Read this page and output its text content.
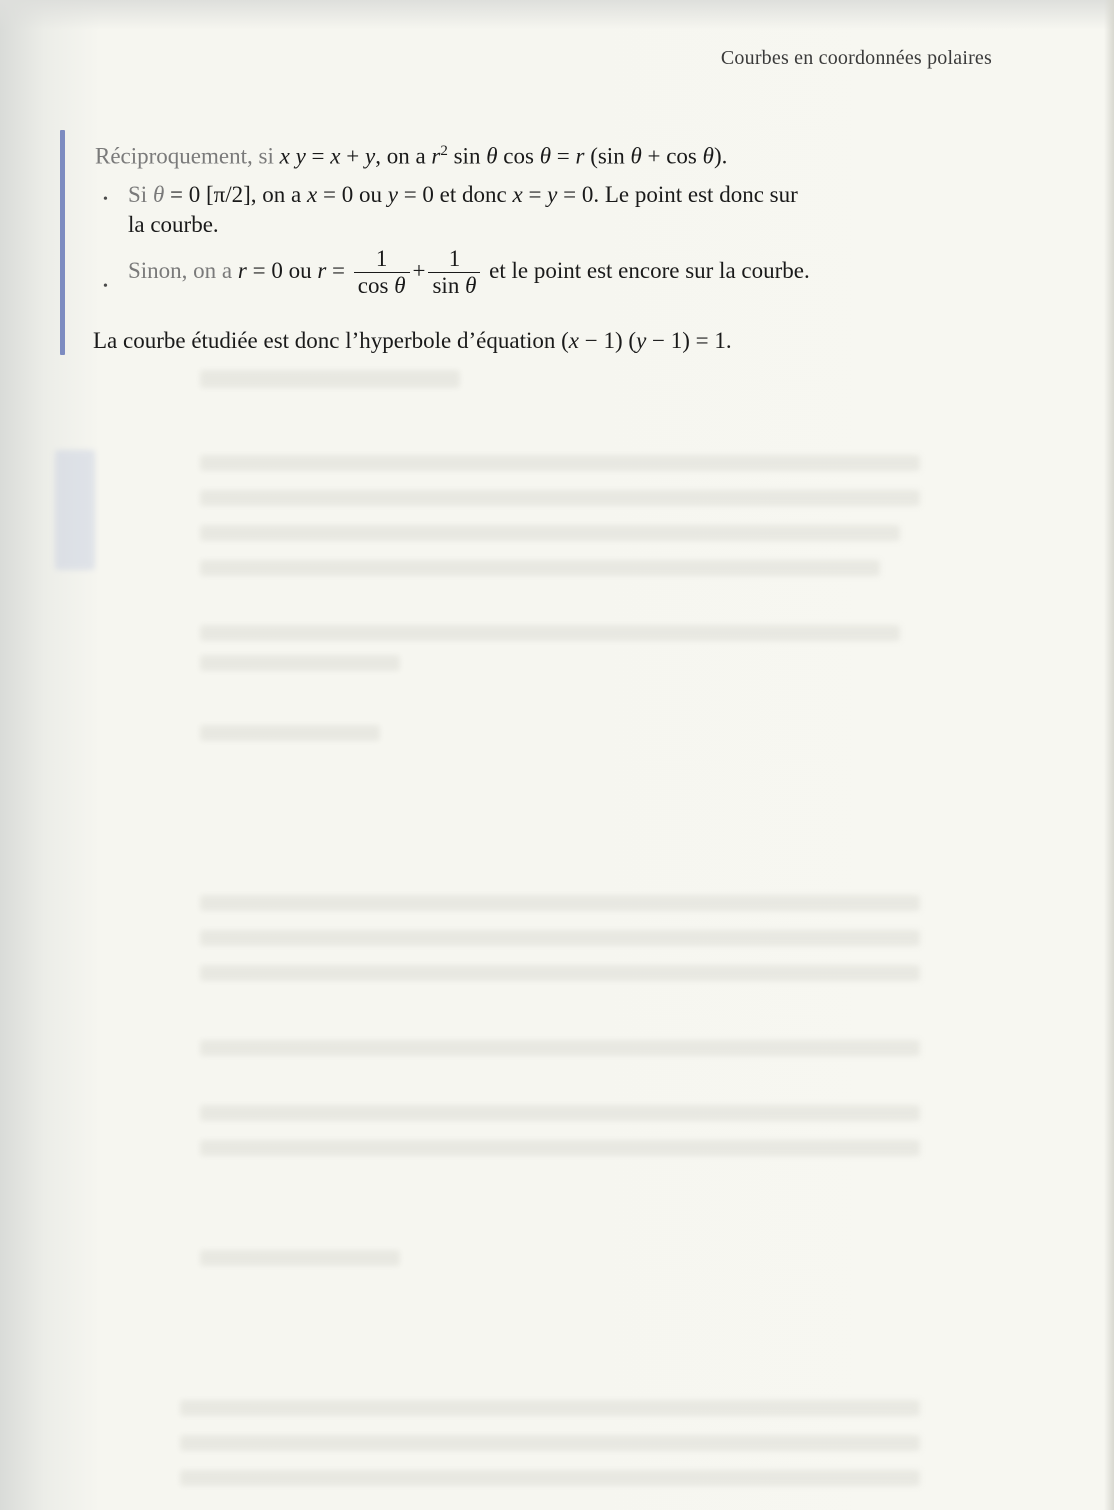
Courbes en coordonnées polaires
Réciproquement, si x y = x + y, on a $r^2$ sin θ cos θ = r (sin θ + cos θ).
• Si θ = 0 [π/2], on a x = 0 ou y = 0 et donc x = y = 0. Le point est donc sur
la courbe.
•
Sinon, on a r = 0 ou $r = \frac{1}{\text{cos θ}} + \frac{1}{\text{sin θ}}$ et le point est encore sur la courbe.
La courbe étudiée est donc l’hyperbole d’équation (x − 1) (y − 1) = 1.
